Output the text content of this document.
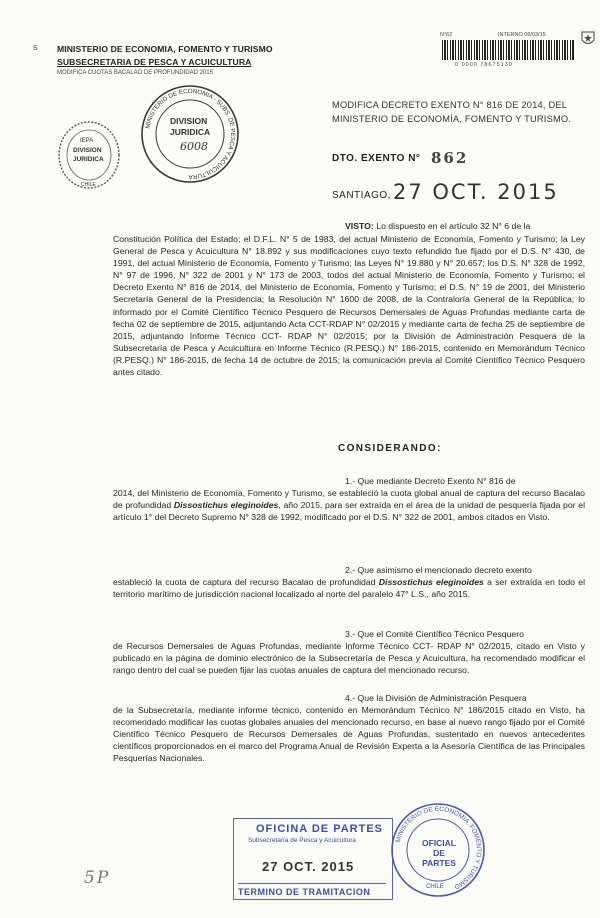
s MINISTERIO DE ECONOMIA, FOMENTO Y TURISMO
SUBSECRETARIA DE PESCA Y ACUICULTURA
MODIFICA CUOTAS BACALAO DE PROFUNDIDAD 2015
N°62	INTERNO 06/03/15
0 0000 78675130
IEPA
DIVISION
JURIDICA
CHILE
MINISTERIO DE ECONOMIA - SUBS. DE PESCA Y ACUICULTURA
DIVISION
JURIDICA
6008
MODIFICA DECRETO EXENTO N° 816 DE 2014, DEL MINISTERIO DE ECONOMÍA, FOMENTO Y TURISMO.
DTO. EXENTO N° 862
SANTIAGO, 27 OCT. 2015
VISTO: Lo dispuesto en el artículo 32 N° 6 de la
Constitución Política del Estado; el D.F.L. N° 5 de 1983, del actual Ministerio de Economía, Fomento y Turismo; la Ley General de Pesca y Acuicultura N° 18.892 y sus modificaciones cuyo texto refundido fue fijado por el D.S. N° 430, de 1991, del actual Ministerio de Economía, Fomento y Turismo; las Leyes N° 19.880 y N° 20.657; los D.S. N° 328 de 1992, N° 97 de 1996, N° 322 de 2001 y N° 173 de 2003, todos del actual Ministerio de Economía, Fomento y Turismo; el Decreto Exento N° 816 de 2014, del Ministerio de Economía, Fomento y Turismo; el D.S. N° 19 de 2001, del Ministerio Secretaría General de la Presidencia; la Resolución N° 1600 de 2008, de la Contraloría General de la República; lo informado por el Comité Científico Técnico Pesquero de Recursos Demersales de Aguas Profundas mediante carta de fecha 02 de septiembre de 2015, adjuntando Acta CCT-RDAP N° 02/2015 y mediante carta de fecha 25 de septiembre de 2015, adjuntando Informe Técnico CCT- RDAP N° 02/2015; por la División de Administración Pesquera de la Subsecretaría de Pesca y Acuicultura en Informe Técnico (R.PESQ.) N° 186-2015, contenido en Memorándum Técnico (R.PESQ.) N° 186-2015, de fecha 14 de octubre de 2015; la comunicación previa al Comité Científico Técnico Pesquero antes citado.
CONSIDERANDO:
1.- Que mediante Decreto Exento N° 816 de
2014, del Ministerio de Economía, Fomento y Turismo, se estableció la cuota global anual de captura del recurso Bacalao de profundidad Dissostichus eleginoides, año 2015, para ser extraída en el área de la unidad de pesquería fijada por el artículo 1° del Decreto Supremo N° 328 de 1992, modificado por el D.S. N° 322 de 2001, ambos citados en Visto.
2.- Que asimismo el mencionado decreto exento
estableció la cuota de captura del recurso Bacalao de profundidad Dissostichus eleginoides a ser extraída en todo el territorio marítimo de jurisdicción nacional localizado al norte del paralelo 47° L.S., año 2015.
3.- Que el Comité Científico Técnico Pesquero
de Recursos Demersales de Aguas Profundas, mediante Informe Técnico CCT- RDAP N° 02/2015, citado en Visto y publicado en la página de dominio electrónico de la Subsecretaría de Pesca y Acuicultura, ha recomendado modificar el rango dentro del cual se pueden fijar las cuotas anuales de captura del mencionado recurso.
4.- Que la División de Administración Pesquera
de la Subsecretaría, mediante informe técnico, contenido en Memorándum Técnico N° 186/2015 citado en Visto, ha recomendado modificar las cuotas globales anuales del mencionado recurso, en base al nuevo rango fijado por el Comité Científico Técnico Pesquero de Recursos Demersales de Aguas Profundas, sustentado en nuevos antecedentes científicos proporcionados en el marco del Programa Anual de Revisión Experta a la Asesoría Científica de las Principales Pesquerías Nacionales.
OFICINA DE PARTES
Subsecretaría de Pesca y Acuicultura
27 OCT. 2015
TERMINO DE TRAMITACION
MINISTERIO DE ECONOMIA, FOMENTO Y TURISMO
OFICIAL DE PARTES
CHILE
5P
